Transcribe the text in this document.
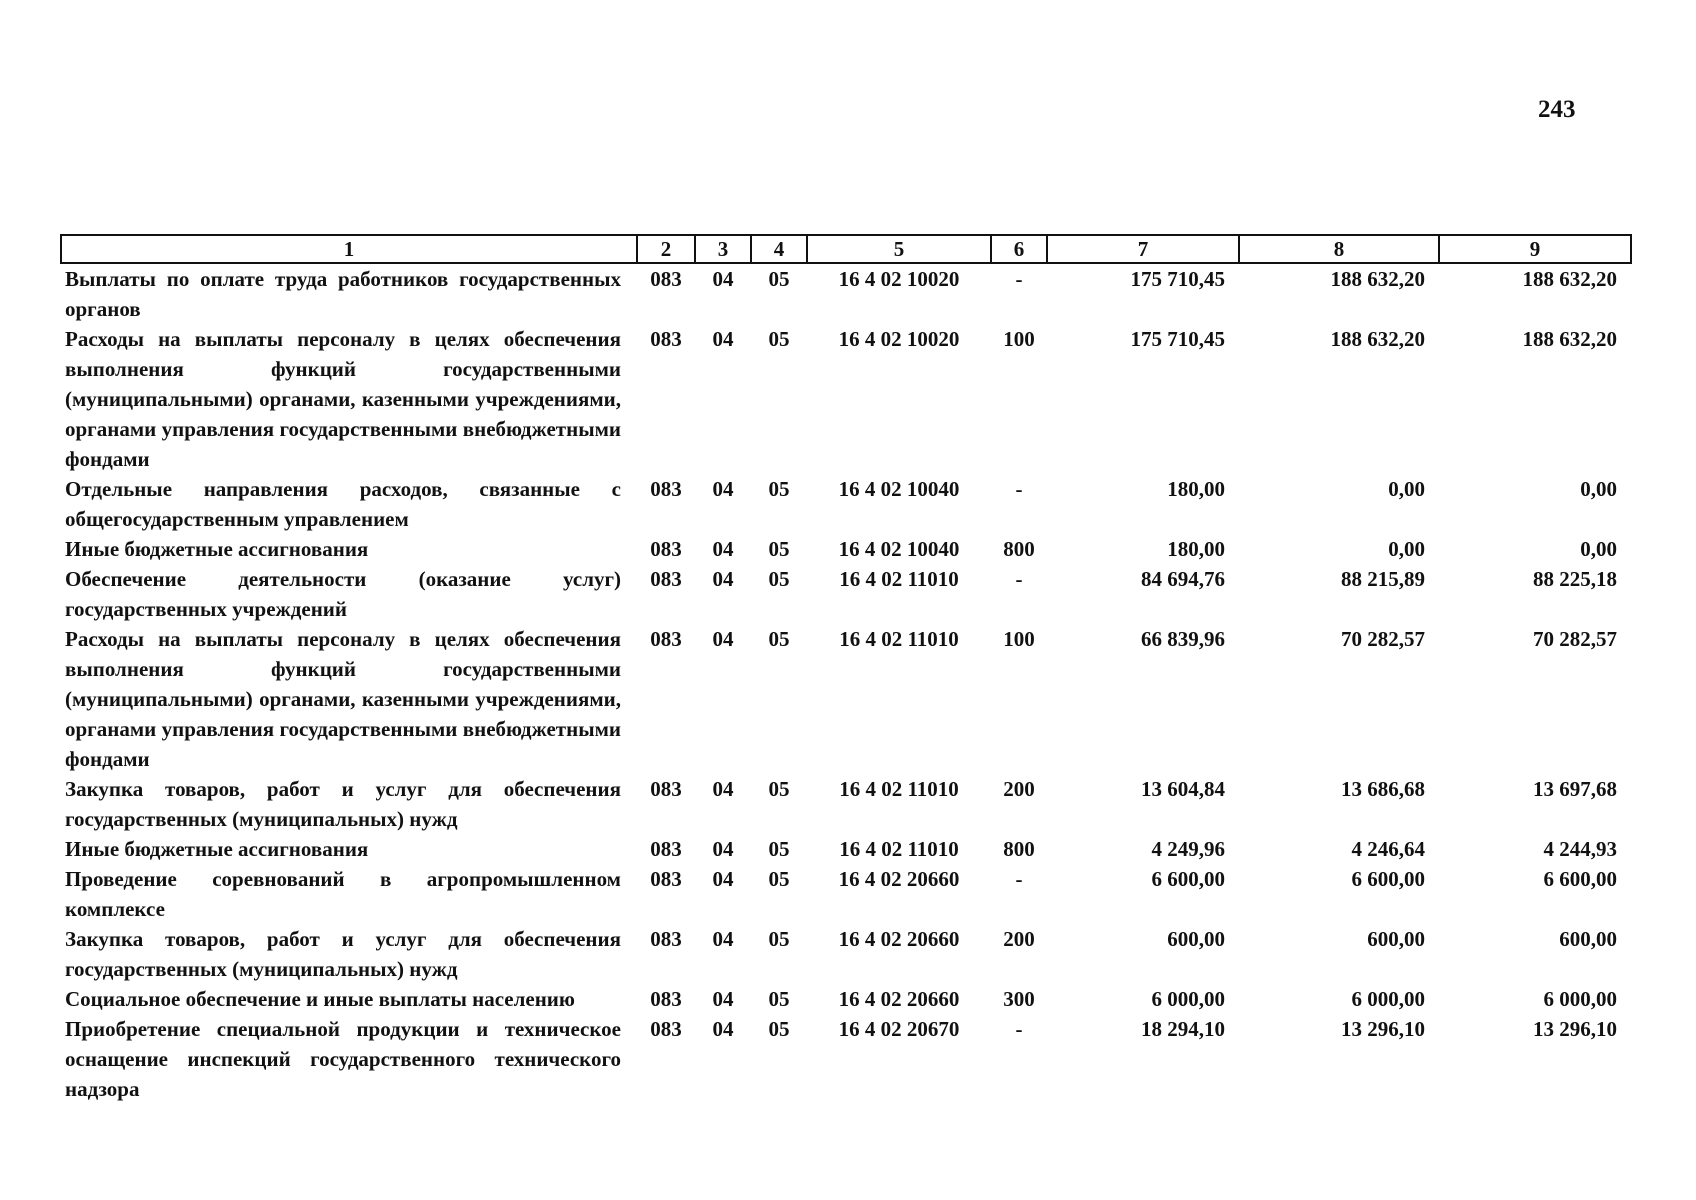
243
1	2	3	4	5	6	7	8	9
Выплаты по оплате труда работников государственных органов	083	04	05	16 4 02 10020	-	175 710,45	188 632,20	188 632,20
Расходы на выплаты персоналу в целях обеспечения выполнения функций государственными (муниципальными) органами, казенными учреждениями, органами управления государственными внебюджетными фондами	083	04	05	16 4 02 10020	100	175 710,45	188 632,20	188 632,20
Отдельные направления расходов, связанные с общегосударственным управлением	083	04	05	16 4 02 10040	-	180,00	0,00	0,00
Иные бюджетные ассигнования	083	04	05	16 4 02 10040	800	180,00	0,00	0,00
Обеспечение деятельности (оказание услуг) государственных учреждений	083	04	05	16 4 02 11010	-	84 694,76	88 215,89	88 225,18
Расходы на выплаты персоналу в целях обеспечения выполнения функций государственными (муниципальными) органами, казенными учреждениями, органами управления государственными внебюджетными фондами	083	04	05	16 4 02 11010	100	66 839,96	70 282,57	70 282,57
Закупка товаров, работ и услуг для обеспечения государственных (муниципальных) нужд	083	04	05	16 4 02 11010	200	13 604,84	13 686,68	13 697,68
Иные бюджетные ассигнования	083	04	05	16 4 02 11010	800	4 249,96	4 246,64	4 244,93
Проведение соревнований в агропромышленном комплексе	083	04	05	16 4 02 20660	-	6 600,00	6 600,00	6 600,00
Закупка товаров, работ и услуг для обеспечения государственных (муниципальных) нужд	083	04	05	16 4 02 20660	200	600,00	600,00	600,00
Социальное обеспечение и иные выплаты населению	083	04	05	16 4 02 20660	300	6 000,00	6 000,00	6 000,00
Приобретение специальной продукции и техническое оснащение инспекций государственного технического надзора	083	04	05	16 4 02 20670	-	18 294,10	13 296,10	13 296,10
